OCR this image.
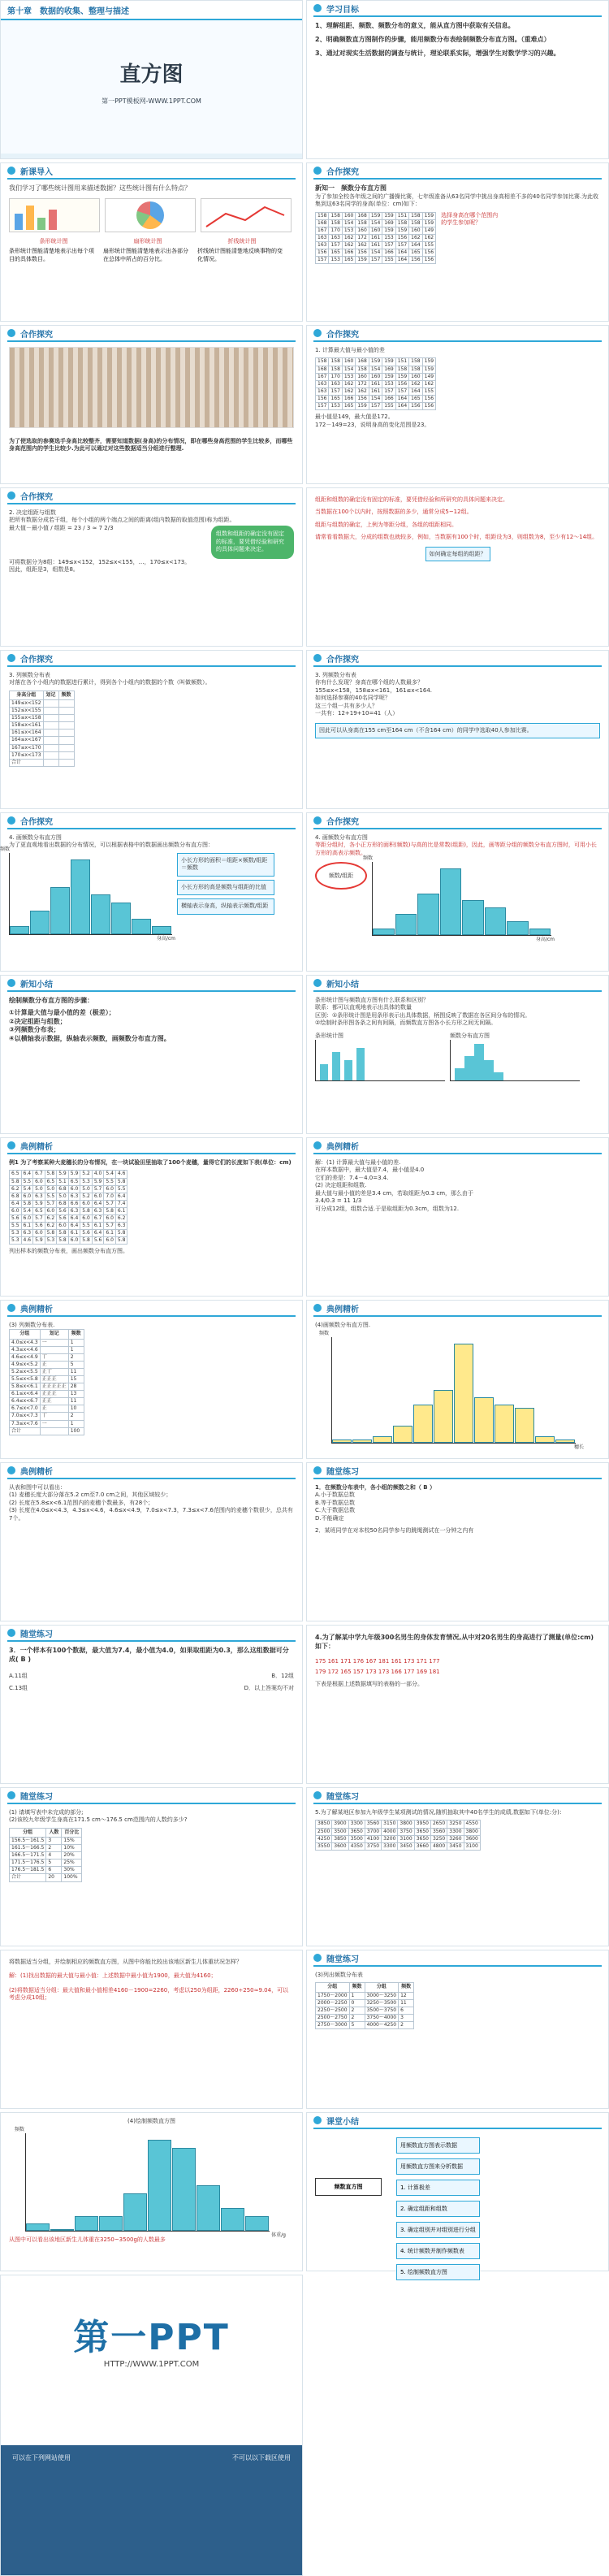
第十章　数据的收集、整理与描述
直方图
第一PPT模板网-WWW.1PPT.COM
学习目标
1、理解组距、频数、频数分布的意义，能从直方图中获取有关信息。
2、明确频数直方图制作的步骤，能用频数分布表绘制频数分布直方图。（重难点）
3、通过对现实生活数据的调查与统计，理论联系实际，增强学生对数学学习的兴趣。
新课导入
我们学习了哪些统计图用来描述数据？这些统计图有什么特点？
条形统计图	扇形统计图	折线统计图
条形统计图能清楚地表示出每个项目的具体数目。
扇形统计图能清楚地表示出各部分在总体中所占的百分比。
折线统计图能清楚地反映事物的变化情况。
合作探究
新知一　频数分布直方图
为了参加全校各年级之间的广播操比赛，七年级准备从63名同学中挑出身高相差不多的40名同学参加比赛.为此收集到这63名同学的身高(单位：cm)如下：
158	158	160	168	159	159	151	158	159
168	158	154	158	154	169	158	158	159
167	170	153	160	160	159	159	160	149
163	163	162	172	161	153	156	162	162
163	157	162	162	161	157	157	164	155
156	165	166	156	154	166	164	165	156
157	153	165	159	157	155	164	156	156
选择身高在哪个范围内的学生参加呢？
合作探究
为了使选取的参赛选手身高比较整齐，需要知道数据(身高)的分布情况，即在哪些身高范围的学生比较多，而哪些身高范围内的学生比较少.为此可以通过对这些数据适当分组进行整理.
合作探究
1. 计算最大值与最小值的差
158	158	160	168	159	159	151	158	159
168	158	154	158	154	169	158	158	159
167	170	153	160	160	159	159	160	149
163	163	162	172	161	153	156	162	162
163	157	162	162	161	157	157	164	155
156	165	166	156	154	166	164	165	156
157	153	165	159	157	155	164	156	156
最小值是149，最大值是172。
172－149=23，说明身高的变化范围是23。
合作探究
2. 决定组距与组数
把所有数据分成若干组，每个小组的两个端点之间的距离(组内数据的取值范围)称为组距。
最大值－最小值 / 组距 = 23 / 3 ≈ 7 2/3
组数和组距的确定没有固定的标准，要凭借经验和研究的具体问题来决定。
可将数据分为8组：149≤x<152，152≤x<155，…，170≤x<173。
因此，组距是3，组数是8。
组距和组数的确定没有固定的标准，要凭借经验和所研究的具体问题来决定。
当数据在100个以内时，按照数据的多少，通常分成5~12组。
组距与组数的确定，上例为等距分组，各组的组距相同。
请常看看数据大，分成的组数也就较多，例如，当数据有100个时，组距设为3，则组数为8，至少有12～14组。
如何确定每组的组距？
合作探究
3. 列频数分布表
对落在各个小组内的数据进行累计，得到各个小组内的数据的个数（叫做频数）。
身高分组	划记	频数
149≤x<152		
152≤x<155		
155≤x<158		
158≤x<161		
161≤x<164		
164≤x<167		
167≤x<170		
170≤x<173		
合计		
合作探究
3. 列频数分布表
你有什么发现？身高在哪个组的人数最多？
155≤x<158，158≤x<161，161≤x<164.
如何选择参赛的40名同学呢？
这三个组一共有多少人？
一共有：12+19+10=41（人）
因此可以从身高在155 cm至164 cm（不含164 cm）的同学中选取40人参加比赛。
合作探究
4. 画频数分布直方图
为了更直观地看出数据的分布情况，可以根据表格中的数据画出频数分布直方图：
频数
身高/cm
小长方形的面积＝组距×频数/组距＝频数
小长方形的高是频数与组距的比值
横轴表示身高，纵轴表示频数/组距
合作探究
4. 画频数分布直方图
等距分组时，各小正方形的面积(频数)与高的比是常数(组距)，因此，画等距分组的频数分布直方图时，可用小长方形的高表示频数。
频数/组距
频数
身高/cm
新知小结
绘制频数分布直方图的步骤：
①计算最大值与最小值的差（极差）；
②决定组距与组数；
③列频数分布表；
④以横轴表示数据，纵轴表示频数，画频数分布直方图。
新知小结
条形统计图与频数直方图有什么联系和区别？
联系：都可以直观地表示出具体的数量
区别：①条形统计图是用条形表示出具体数据，柄图反映了数据在各区间分布的情况。
②绘制时条形图各条之间有间隔，而频数直方图各小长方形之间无间隔。
条形统计图	频数分布直方图
典例精析
例1 为了考察某种大麦穗长的分布情况，在一块试验田里抽取了100个麦穗，量得它们的长度如下表(单位：cm)
6.5	6.4	6.7	5.8	5.9	5.9	5.2	4.0	5.4	4.6
5.8	5.5	6.0	6.5	5.1	6.5	5.3	5.9	5.5	5.8
6.2	5.4	5.0	5.0	6.8	6.0	5.0	5.7	6.0	5.5
6.8	6.0	6.3	5.5	5.0	6.3	5.2	6.0	7.0	6.4
6.4	5.8	5.9	5.7	6.8	6.6	6.0	6.4	5.7	7.4
6.0	5.4	6.5	6.0	5.6	6.3	5.8	6.3	5.8	6.1
5.6	6.0	5.7	6.2	5.6	6.4	6.0	6.7	6.0	6.2
5.5	6.1	5.6	6.2	6.0	6.4	5.5	6.1	5.7	6.3
5.3	6.3	6.0	5.8	5.8	6.1	5.6	6.4	6.1	5.8
5.3	4.6	5.9	5.3	5.8	6.0	5.8	5.6	6.0	5.8
列出样本的频数分布表，画出频数分布直方图。
典例精析
解：(1) 计算最大值与最小值的差.
在样本数据中，最大值是7.4，最小值是4.0
它们的差是：7.4－4.0=3.4.
(2) 决定组距和组数.
最大值与最小值的差是3.4 cm，若取组距为0.3 cm，那么由于
3.4/0.3 = 11 1/3
可分成12组，组数合适.于是取组距为0.3cm，组数为12.
典例精析
(3) 列频数分布表.
分组	划记	频数
4.0≤x<4.3	一	1
4.3≤x<4.6		1
4.6≤x<4.9	丅	2
4.9≤x<5.2	正	5
5.2≤x<5.5	正丅	11
5.5≤x<5.8	正正正	15
5.8≤x<6.1	正正正正正	28
6.1≤x<6.4	正正正	13
6.4≤x<6.7	正正	11
6.7≤x<7.0	正	10
7.0≤x<7.3	丅	2
7.3≤x<7.6	一	1
合计		100
典例精析
(4)画频数分布直方图.
频数
穗长
典例精析
从表和图中可以看出：
(1) 麦穗长度大部分落在5.2 cm至7.0 cm之间，其他区域较少；
(2) 长度在5.8≤x<6.1范围内的麦穗个数最多，有28个；
(3) 长度在4.0≤x<4.3，4.3≤x<4.6，4.6≤x<4.9，7.0≤x<7.3，7.3≤x<7.6范围内的麦穗个数很少，总共有7个。
随堂练习
1．在频数分布表中，各小组的频数之和（ B ）
A.小于数据总数
B.等于数据总数
C.大于数据总数
D.不能确定
2．某班同学在对本校50名同学参与的跳绳测试在一分钟之内有
随堂练习
3．一个样本有100个数据，最大值为7.4，最小值为4.0，如果取组距为0.3，那么这组数据可分成( B )
A.11组	B．12组
C.13组	D．以上答案均不对
4.为了解某中学九年级300名男生的身体发育情况,从中对20名男生的身高进行了测量(单位:cm)如下：
175 161 171 176 167 181 161 173 171 177
179 172 165 157 173 173 166 177 169 181
下表是根据上述数据填写的表格的一部分。
随堂练习
(1) 请填写表中未完成的部分;
(2)该校九年级学生身高在171.5 cm～176.5 cm范围内的人数约多少?
分组	人数	百分比
156.5～161.5	3	15%
161.5～166.5	2	10%
166.5～171.5	4	20%
171.5～176.5	5	25%
176.5～181.5	6	30%
合计	20	100%
随堂练习
5.为了解某地区参加九年级学生某项测试的情况,随机抽取其中40名学生的成绩,数据如下(单位:分)：
3850	3900	3300	3560	3150	3800	3950	2650	3250	4550
2500	3500	3650	3700	4000	3750	3650	3560	3300	3800
4250	3850	3500	4100	3200	3100	3650	3250	3260	3600
3550	3600	4350	3750	3300	3450	3660	4800	3450	3100
将数据适当分组，并绘制相应的频数直方图，从图中你能比较出该地区新生儿体重状况怎样？
解：(1)找出数据的最大值与最小值：上述数据中最小值为1900，最大值为4160；
(2)将数据适当分组：最大值和最小值相差4160－1900=2260，考虑以250为组距，2260÷250≈9.04，可以考虑分成10组；
随堂练习
(3)列出频数分布表
分组	频数	分组	频数
1750～2000	1	3000～3250	12
2000～2250	0	3250～3500	11
2250～2500	2	3500～3750	6
2500～2750	2	3750～4000	3
2750～3000	5	4000～4250	2
(4)绘制频数直方图
频数
体重/g
从图中可以看出该地区新生儿体重在3250~3500g的人数最多
课堂小结
频数直方图
用频数直方图表示数据
用频数直方图来分析数据
1. 计算极差
2. 确定组距和组数
3. 确定组别并对组别进行分组
4. 统计频数并制作频数表
5. 绘制频数直方图
第一PPT
HTTP://WWW.1PPT.COM
可以在下列网站使用	不可以以下载区使用
